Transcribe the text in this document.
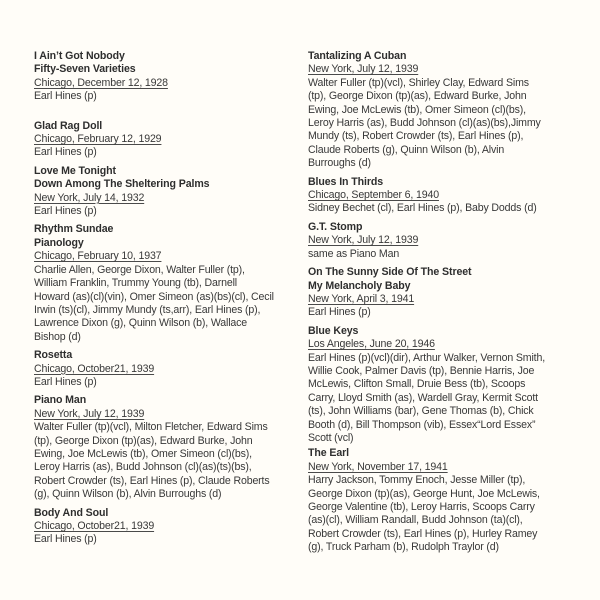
I Ain’t Got Nobody
Fifty-Seven Varieties
Chicago, December 12, 1928
Earl Hines (p)
Glad Rag Doll
Chicago, February 12, 1929
Earl Hines (p)
Love Me Tonight
Down Among The Sheltering Palms
New York, July 14, 1932
Earl Hines (p)
Rhythm Sundae
Pianology
Chicago, February 10, 1937
Charlie Allen, George Dixon, Walter Fuller (tp),
William Franklin, Trummy Young (tb), Darnell
Howard (as)(cl)(vin), Omer Simeon (as)(bs)(cl), Cecil
Irwin (ts)(cl), Jimmy Mundy (ts,arr), Earl Hines (p),
Lawrence Dixon (g), Quinn Wilson (b), Wallace
Bishop (d)
Rosetta
Chicago, October21, 1939
Earl Hines (p)
Piano Man
New York, July 12, 1939
Walter Fuller (tp)(vcl), Milton Fletcher, Edward Sims
(tp), George Dixon (tp)(as), Edward Burke, John
Ewing, Joe McLewis (tb), Omer Simeon (cl)(bs),
Leroy Harris (as), Budd Johnson (cl)(as)(ts)(bs),
Robert Crowder (ts), Earl Hines (p), Claude Roberts
(g), Quinn Wilson (b), Alvin Burroughs (d)
Body And Soul
Chicago, October21, 1939
Earl Hines (p)
Tantalizing A Cuban
New York, July 12, 1939
Walter Fuller (tp)(vcl), Shirley Clay, Edward Sims
(tp), George Dixon (tp)(as), Edward Burke, John
Ewing, Joe McLewis (tb), Omer Simeon (cl)(bs),
Leroy Harris (as), Budd Johnson (cl)(as)(bs),Jimmy
Mundy (ts), Robert Crowder (ts), Earl Hines (p),
Claude Roberts (g), Quinn Wilson (b), Alvin
Burroughs (d)
Blues In Thirds
Chicago, September 6, 1940
Sidney Bechet (cl), Earl Hines (p), Baby Dodds (d)
G.T. Stomp
New York, July 12, 1939
same as Piano Man
On The Sunny Side Of The Street
My Melancholy Baby
New York, April 3, 1941
Earl Hines (p)
Blue Keys
Los Angeles, June 20, 1946
Earl Hines (p)(vcl)(dir), Arthur Walker, Vernon Smith,
Willie Cook, Palmer Davis (tp), Bennie Harris, Joe
McLewis, Clifton Small, Druie Bess (tb), Scoops
Carry, Lloyd Smith (as), Wardell Gray, Kermit Scott
(ts), John Williams (bar), Gene Thomas (b), Chick
Booth (d), Bill Thompson (vib), Essex“Lord Essex”
Scott (vcl)
The Earl
New York, November 17, 1941
Harry Jackson, Tommy Enoch, Jesse Miller (tp),
George Dixon (tp)(as), George Hunt, Joe McLewis,
George Valentine (tb), Leroy Harris, Scoops Carry
(as)(cl), William Randall, Budd Johnson (ta)(cl),
Robert Crowder (ts), Earl Hines (p), Hurley Ramey
(g), Truck Parham (b), Rudolph Traylor (d)
